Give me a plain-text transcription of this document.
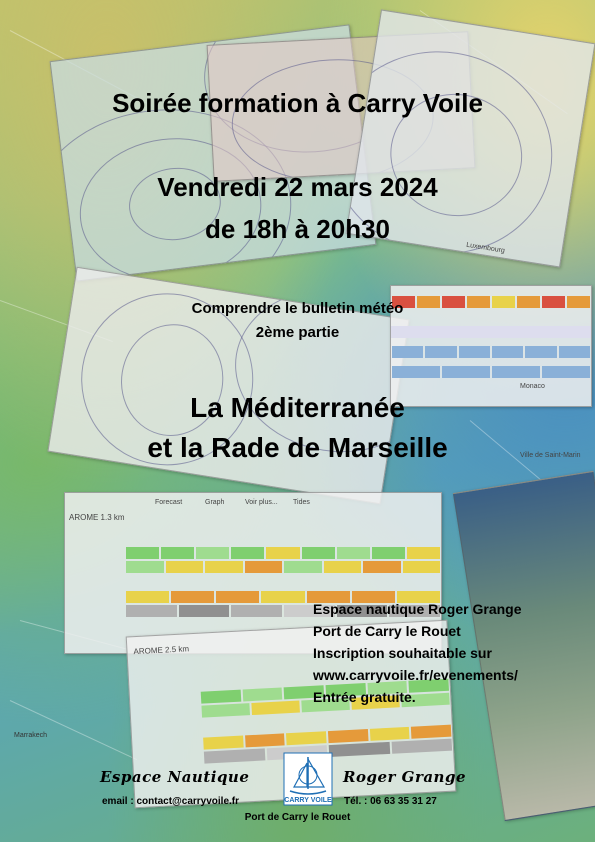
Luxembourg
Monaco
Ville de Saint-Marin
Marrakech
AROME 1.3 km
Forecast	Graph	Voir plus... Tides
AROME 2.5 km
Soirée formation à Carry Voile
Vendredi 22 mars 2024
de 18h à 20h30
Comprendre le bulletin météo
2ème partie
La Méditerranée
et la Rade de Marseille
Espace nautique Roger Grange
Port de Carry le Rouet
Inscription souhaitable sur
www.carryvoile.fr/evenements/
Entrée gratuite.
Espace Nautique	Roger Grange
email : contact@carryvoile.fr	Tél. : 06 63 35 31 27
Port de Carry le Rouet
CARRY VOILE
